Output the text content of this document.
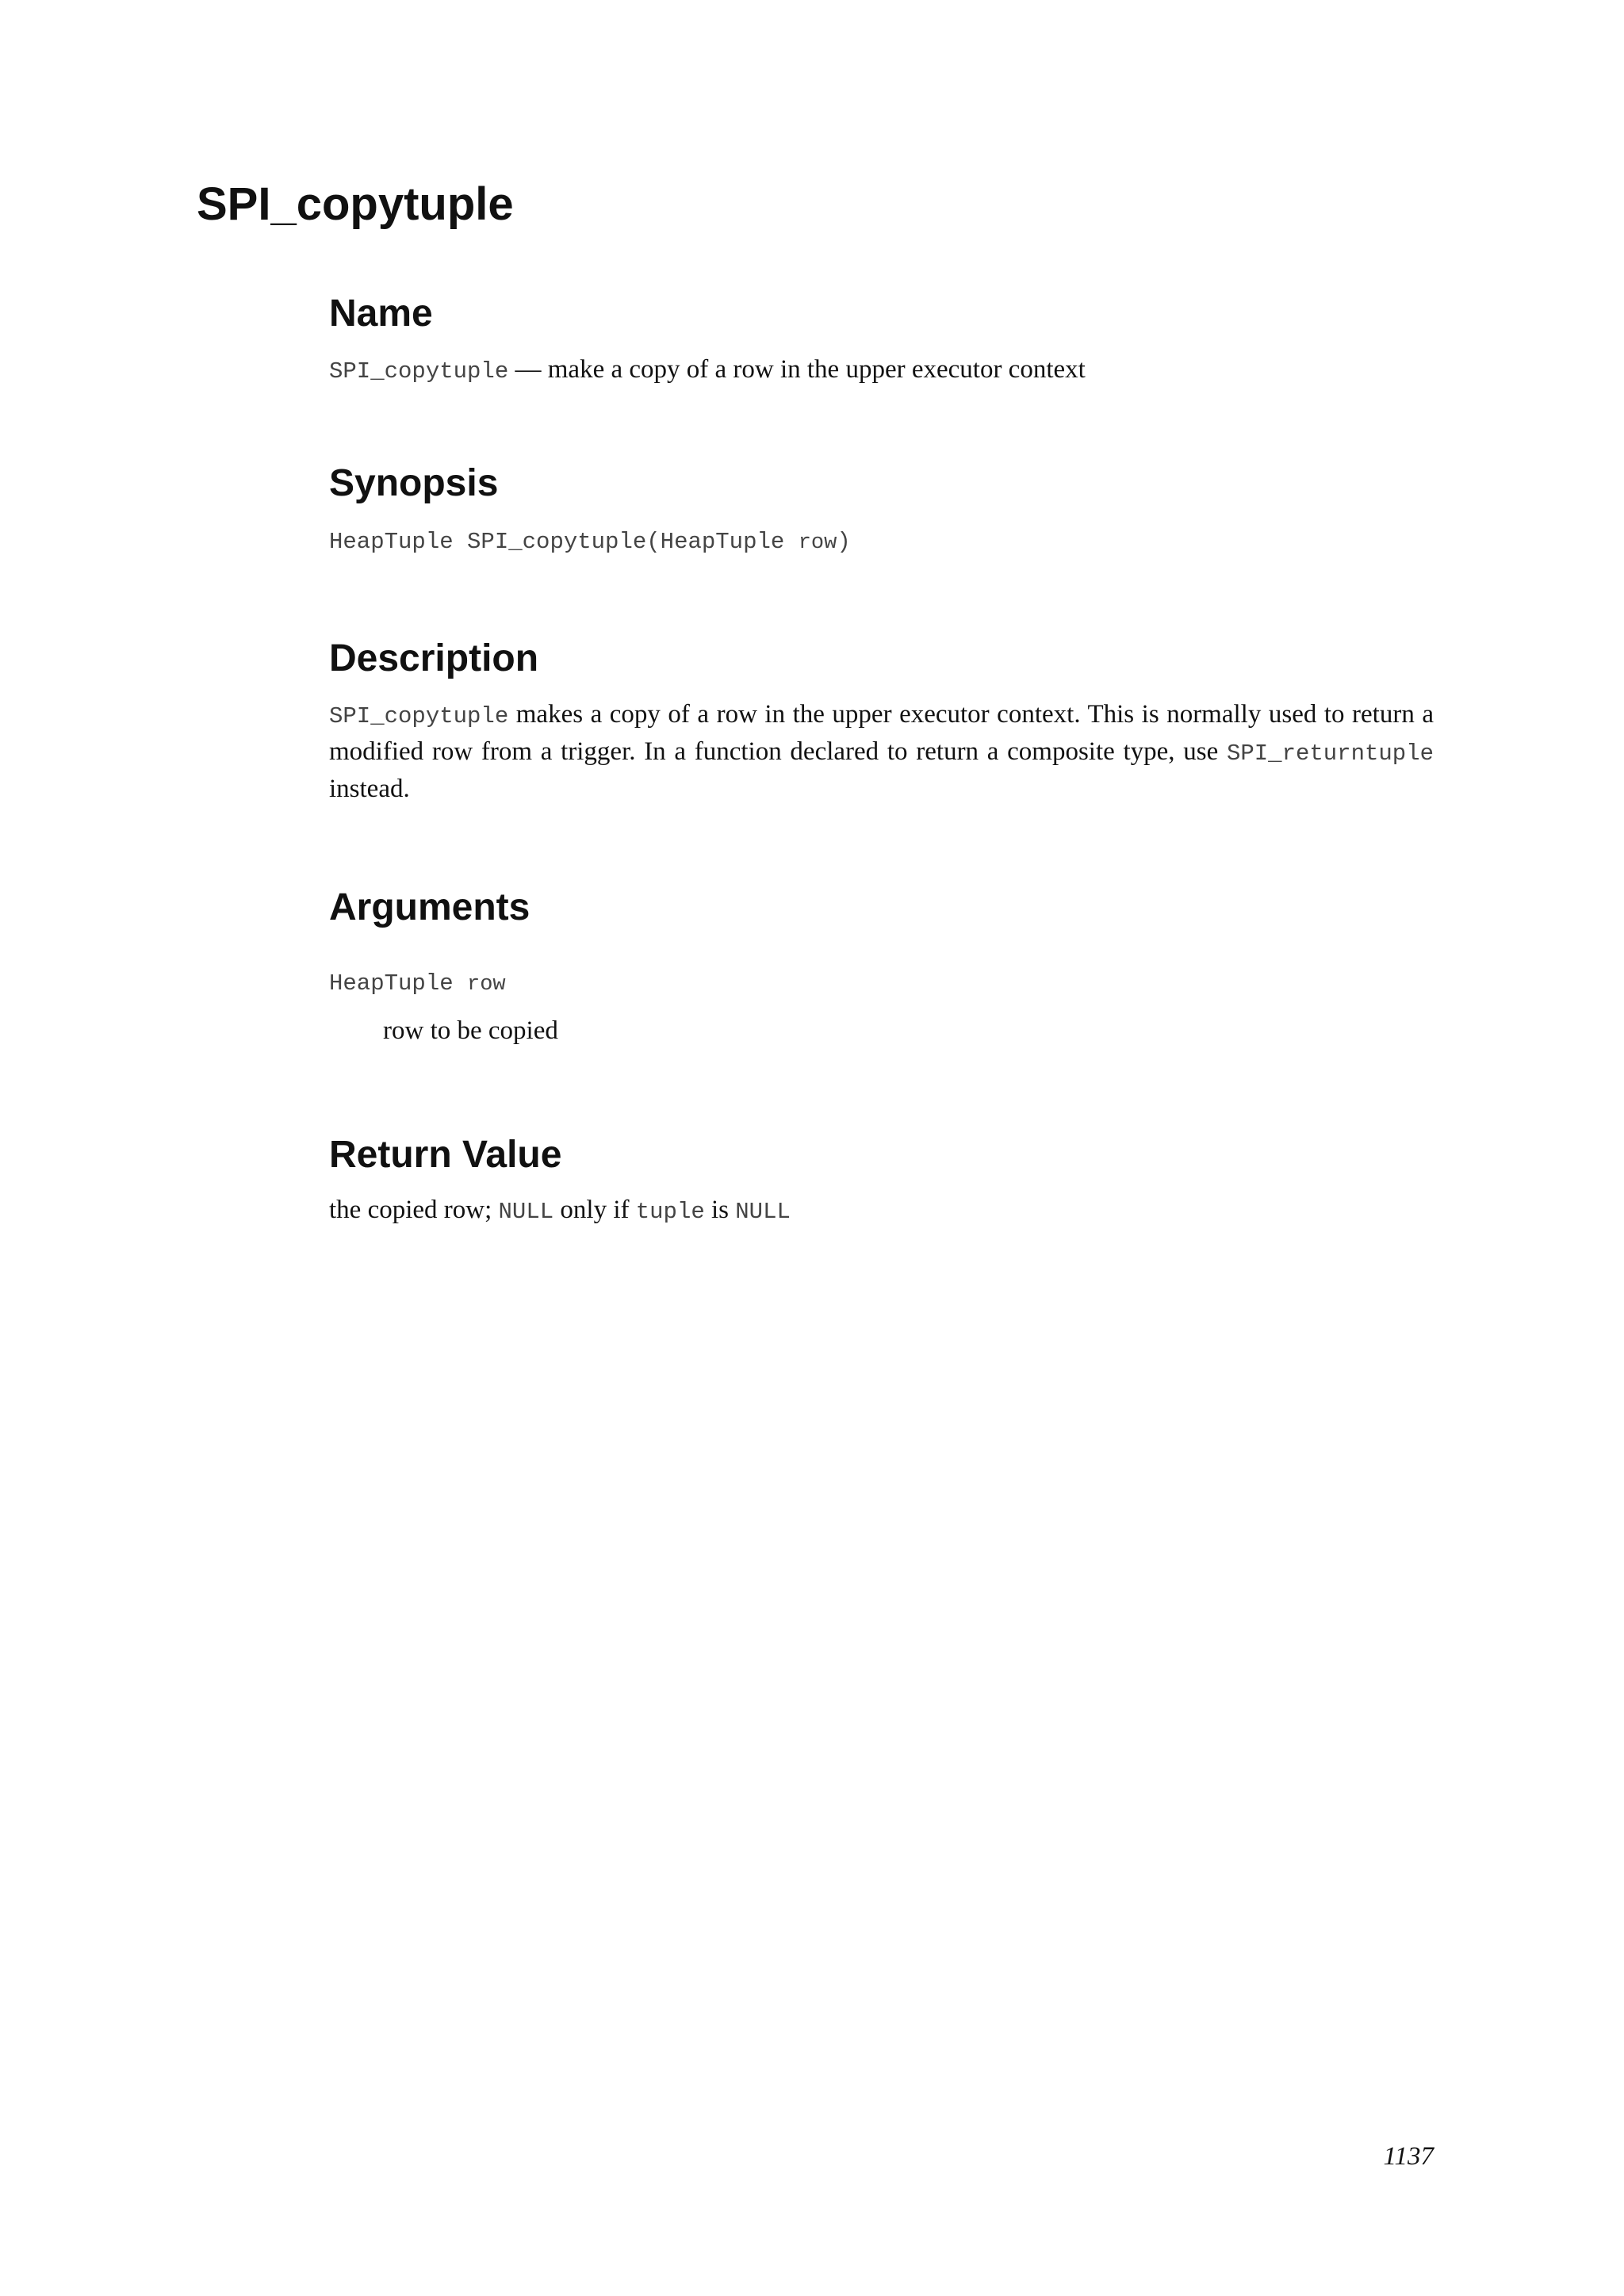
SPI_copytuple
Name

SPI_copytuple — make a copy of a row in the upper executor context

Synopsis

HeapTuple SPI_copytuple(HeapTuple row)

Description

SPI_copytuple makes a copy of a row in the upper executor context. This is normally used to return a modified row from a trigger. In a function declared to return a composite type, use SPI_returntuple instead.

Arguments

HeapTuple row

row to be copied

Return Value

the copied row; NULL only if tuple is NULL

1137
